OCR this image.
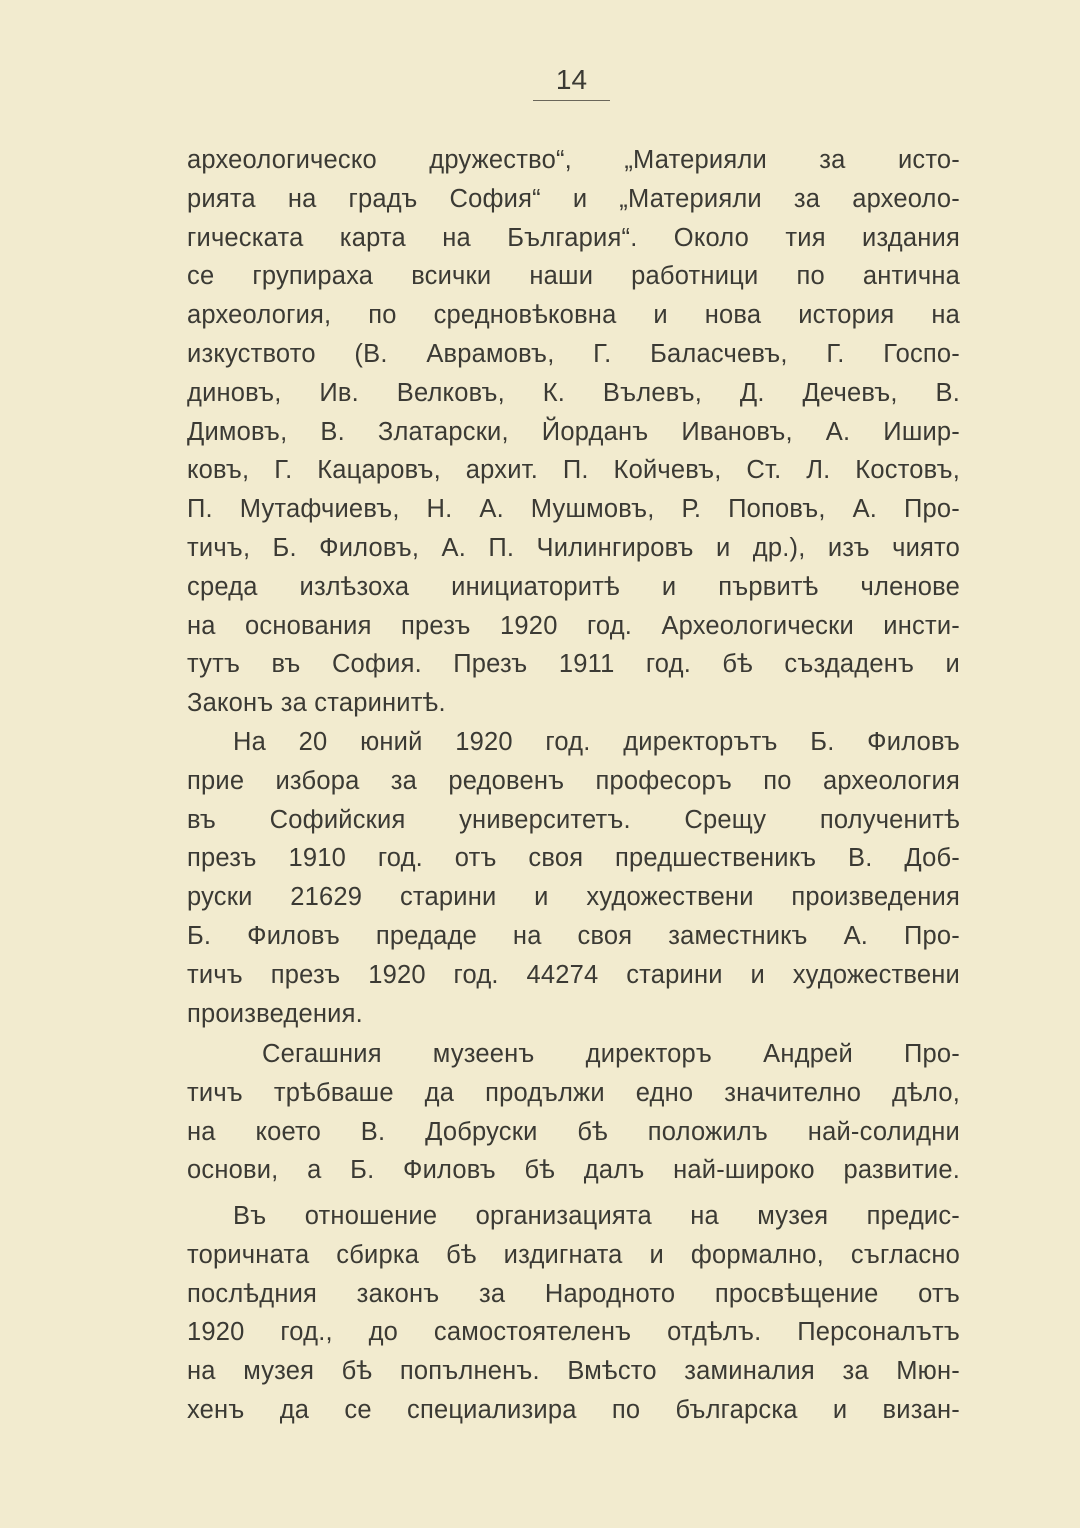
14
археологическо дружество“, „Материяли за исто-
рията на градъ София“ и „Материяли за археоло-
гическата карта на България“. Около тия издания
се групираха всички наши работници по антична
археология, по средновѣковна и нова история на
изкуството (В. Аврамовъ, Г. Баласчевъ, Г. Госпо-
диновъ, Ив. Велковъ, К. Вълевъ, Д. Дечевъ, В.
Димовъ, В. Златарски, Йорданъ Ивановъ, А. Ишир-
ковъ, Г. Кацаровъ, архит. П. Койчевъ, Ст. Л. Костовъ,
П. Мутафчиевъ, Н. А. Мушмовъ, Р. Поповъ, А. Про-
тичъ, Б. Филовъ, А. П. Чилингировъ и др.), изъ чиято
среда излѣзоха инициаторитѣ и първитѣ членове
на основания презъ 1920 год. Археологически инсти-
тутъ въ София. Презъ 1911 год. бѣ създаденъ и
Законъ за старинитѣ.
На 20 юний 1920 год. директорътъ Б. Филовъ
прие избора за редовенъ професоръ по археология
въ Софийския университетъ. Срещу полученитѣ
презъ 1910 год. отъ своя предшественикъ В. Доб-
руски 21629 старини и художествени произведения
Б. Филовъ предаде на своя заместникъ А. Про-
тичъ презъ 1920 год. 44274 старини и художествени
произведения.
Сегашния музеенъ директоръ Андрей Про-
тичъ трѣбваше да продължи едно значително дѣло,
на което В. Добруски бѣ положилъ най-солидни
основи, а Б. Филовъ бѣ далъ най-широко развитие.
Въ отношение организацията на музея предис-
торичната сбирка бѣ издигната и формално, съгласно
послѣдния законъ за Народното просвѣщение отъ
1920 год., до самостоятеленъ отдѣлъ. Персоналътъ
на музея бѣ попълненъ. Вмѣсто заминалия за Мюн-
хенъ да се специализира по българска и визан-
